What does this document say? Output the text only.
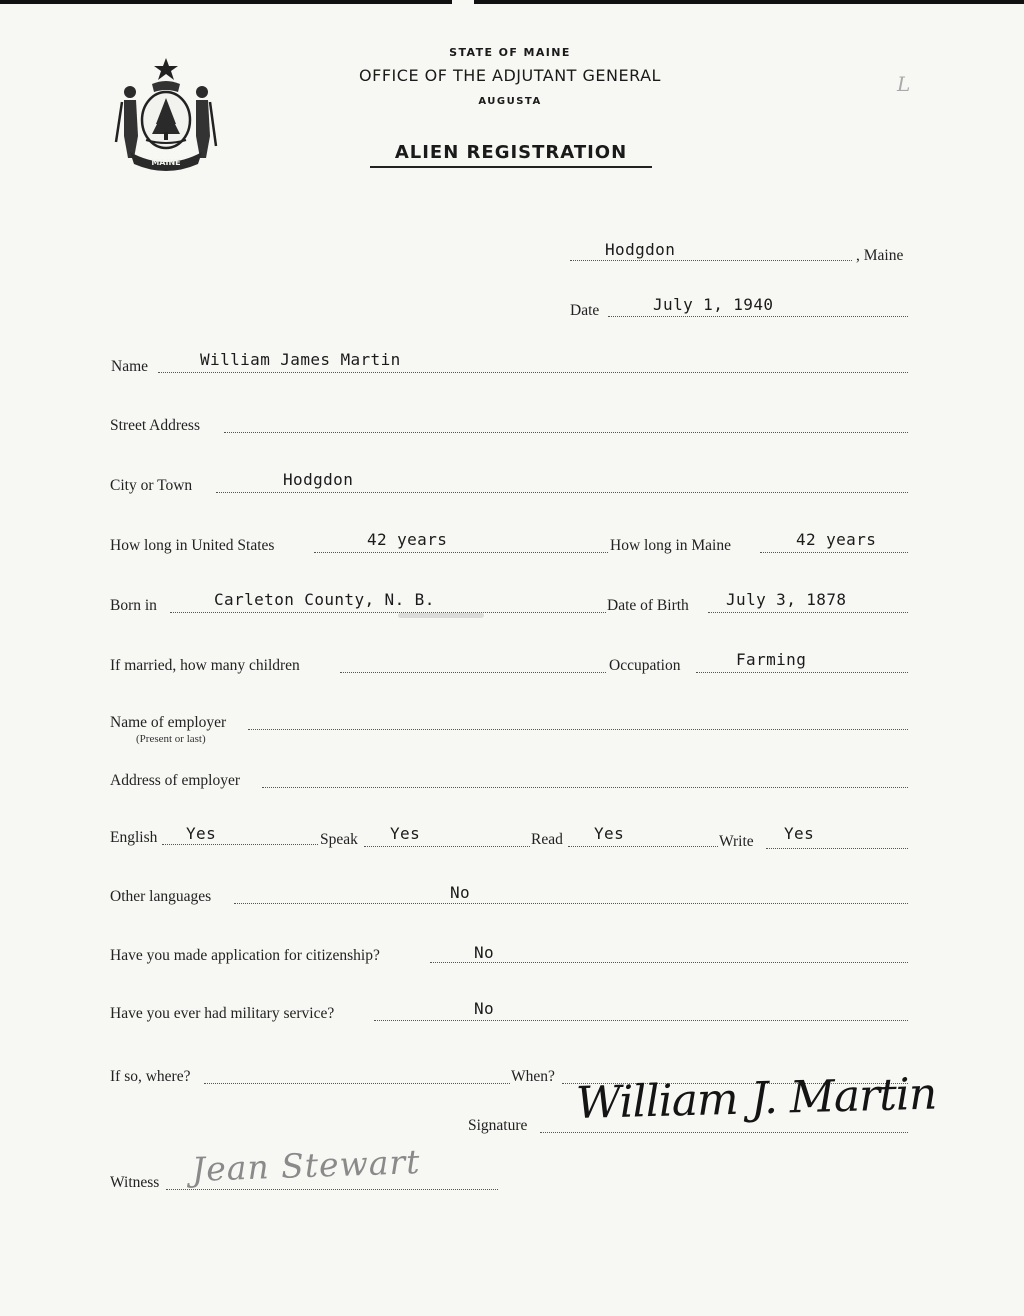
MAINE
STATE OF MAINE
OFFICE OF THE ADJUTANT GENERAL
AUGUSTA
ALIEN REGISTRATION
L
Hodgdon	, Maine
Date	July 1, 1940
Name	William James Martin
Street Address
City or Town	Hodgdon
How long in United States	42 years	How long in Maine	42 years
Born in	Carleton County, N. B.	Date of Birth July 3, 1878
If married, how many children	Occupation	Farming
Name of employer
(Present or last)
Address of employer
English Yes	Speak Yes	Read Yes	Write Yes
Other languages	No
Have you made application for citizenship?	No
Have you ever had military service?	No
If so, where?	When?
Signature William J. Martin
Witness Jean Stewart
